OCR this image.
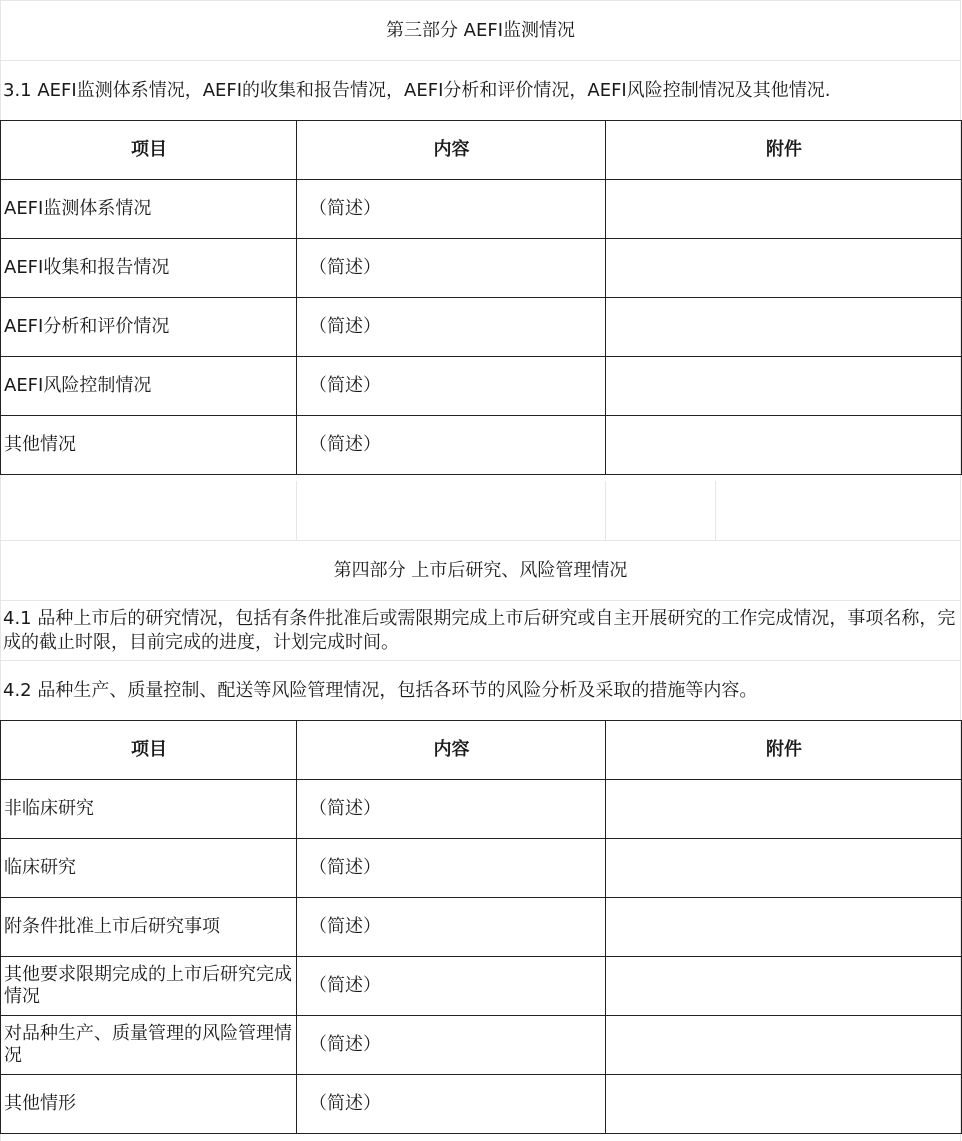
第三部分 AEFI监测情况
3.1 AEFI监测体系情况，AEFI的收集和报告情况，AEFI分析和评价情况，AEFI风险控制情况及其他情况.
项目	内容	附件
AEFI监测体系情况	（简述）	
AEFI收集和报告情况	（简述）	
AEFI分析和评价情况	（简述）	
AEFI风险控制情况	（简述）	
其他情况	（简述）	
第四部分 上市后研究、风险管理情况
4.1 品种上市后的研究情况，包括有条件批准后或需限期完成上市后研究或自主开展研究的工作完成情况，事项名称，完成的截止时限，目前完成的进度，计划完成时间。
4.2 品种生产、质量控制、配送等风险管理情况，包括各环节的风险分析及采取的措施等内容。
项目	内容	附件
非临床研究	（简述）	
临床研究	（简述）	
附条件批准上市后研究事项	（简述）	
其他要求限期完成的上市后研究完成情况	（简述）	
对品种生产、质量管理的风险管理情况	（简述）	
其他情形	（简述）	
